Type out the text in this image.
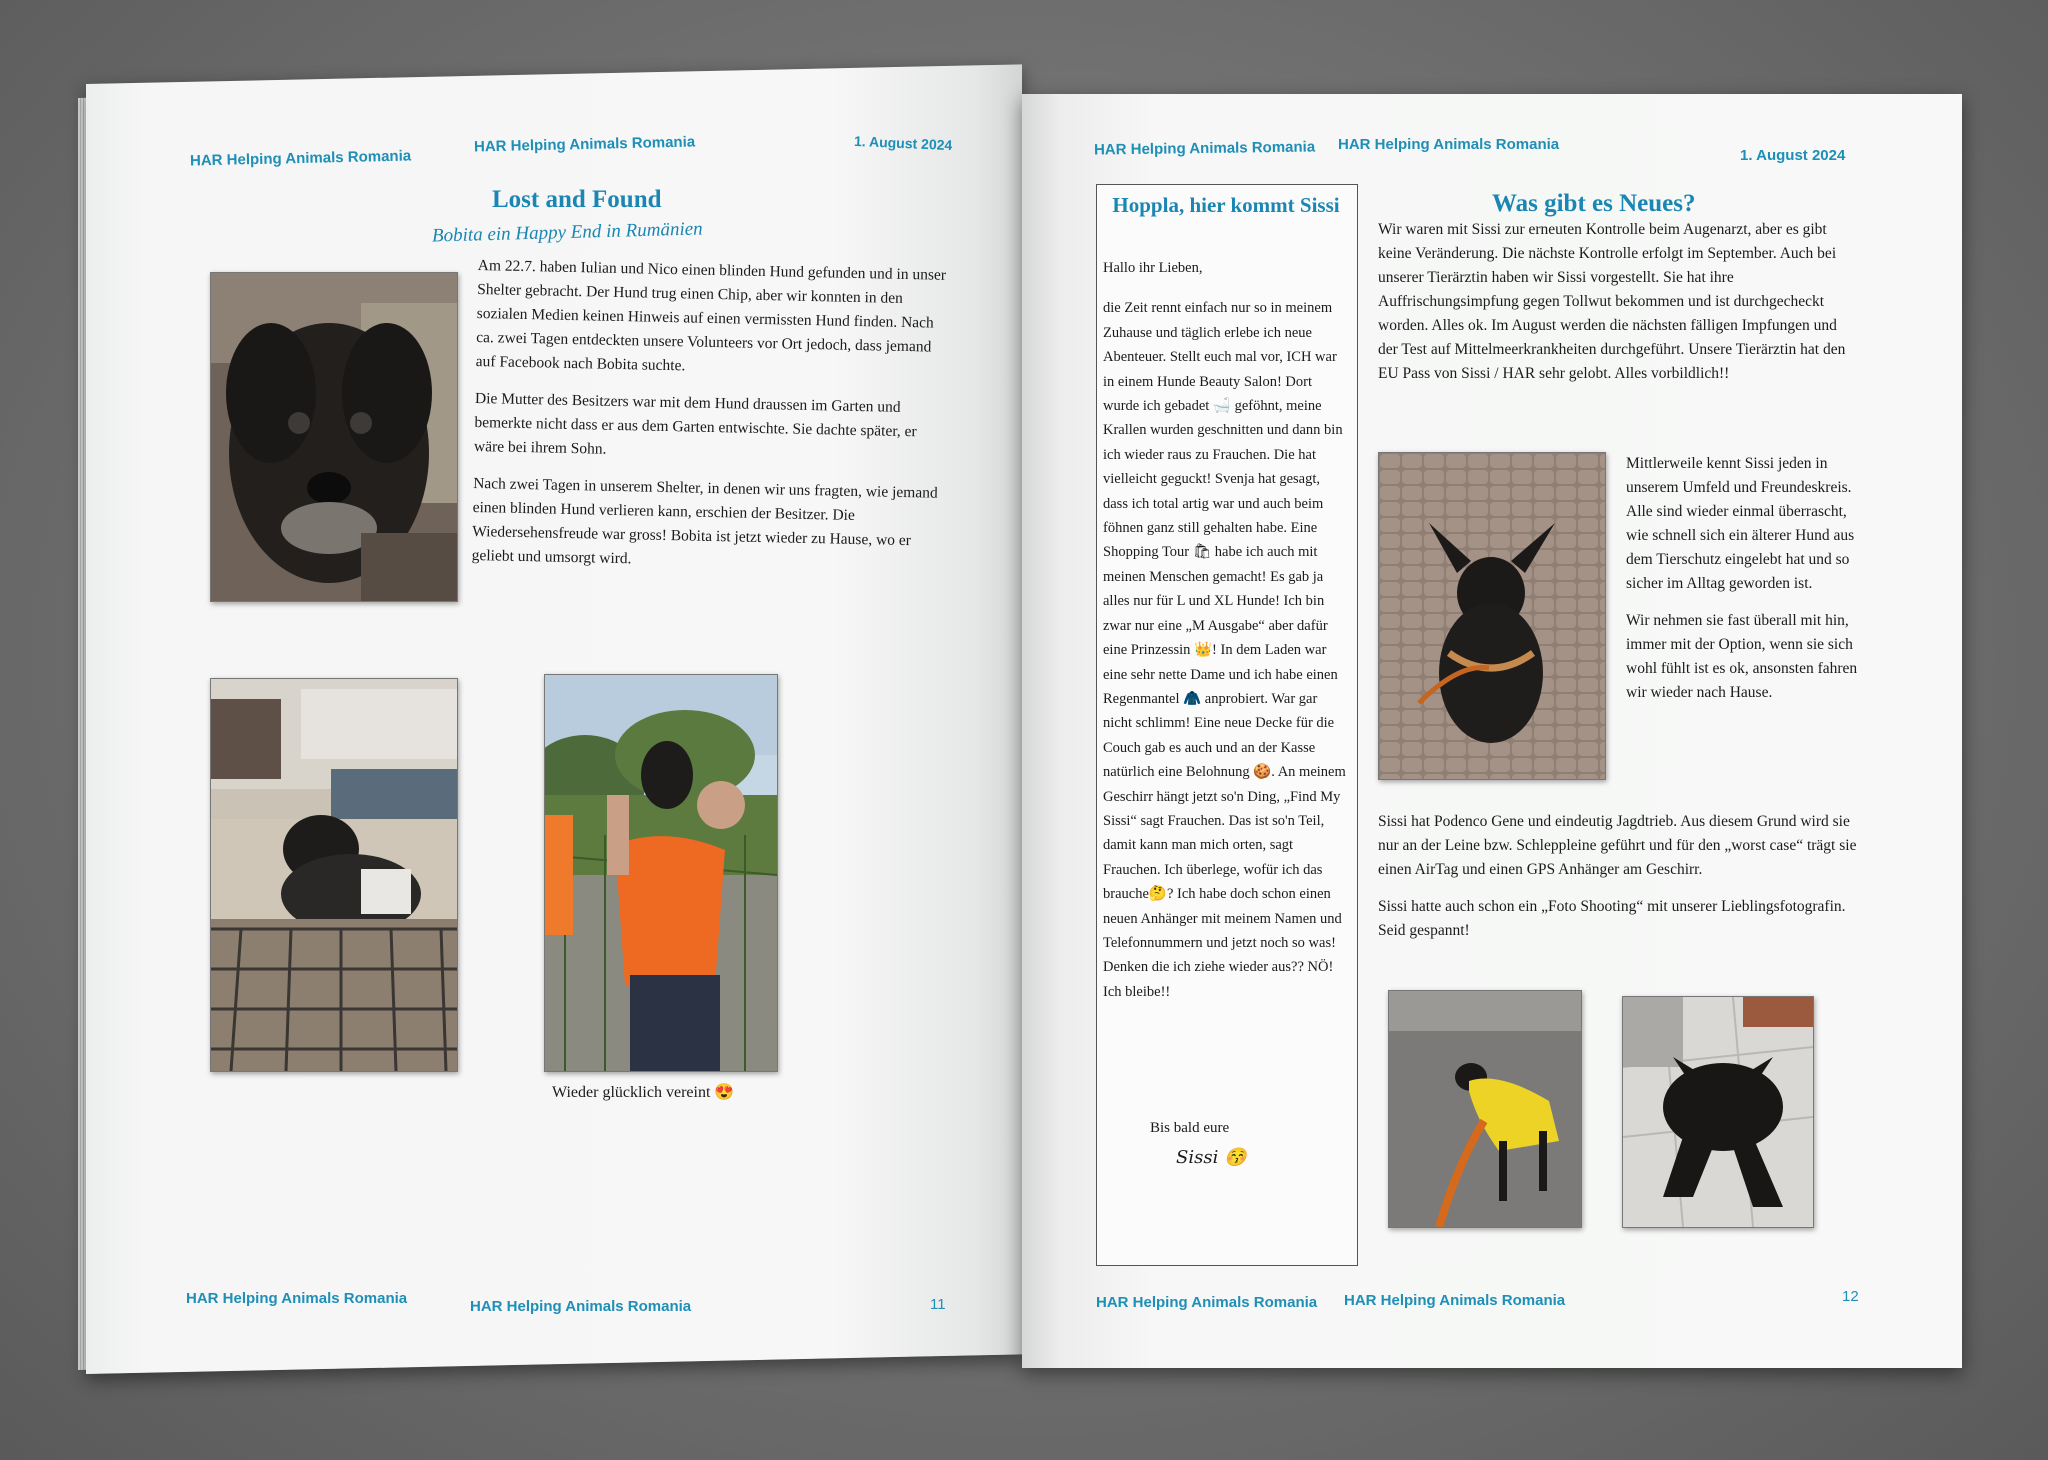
HAR Helping Animals Romania
HAR Helping Animals Romania	1. August 2024
Lost and Found
Bobita ein Happy End in Rumänien

Am 22.7. haben Iulian und Nico einen blinden Hund gefunden und in unser Shelter gebracht. Der Hund trug einen Chip, aber wir konnten in den sozialen Medien keinen Hinweis auf einen vermissten Hund finden. Nach ca. zwei Tagen entdeckten unsere Volunteers vor Ort jedoch, dass jemand auf Facebook nach Bobita suchte.

Die Mutter des Besitzers war mit dem Hund draussen im Garten und bemerkte nicht dass er aus dem Garten entwischte. Sie dachte später, er wäre bei ihrem Sohn.

Nach zwei Tagen in unserem Shelter, in denen wir uns fragten, wie jemand einen blinden Hund verlieren kann, erschien der Besitzer. Die Wiedersehensfreude war gross! Bobita ist jetzt wieder zu Hause, wo er geliebt und umsorgt wird.

Wieder glücklich vereint 😍
HAR Helping Animals Romania	HAR Helping Animals Romania	11
HAR Helping Animals Romania HAR Helping Animals Romania
1. August 2024
Hoppla, hier kommt Sissi

Hallo ihr Lieben,

die Zeit rennt einfach nur so in meinem Zuhause und täglich erlebe ich neue Abenteuer. Stellt euch mal vor, ICH war in einem Hunde Beauty Salon! Dort wurde ich gebadet 🛁 geföhnt, meine Krallen wurden geschnitten und dann bin ich wieder raus zu Frauchen. Die hat vielleicht geguckt! Svenja hat gesagt, dass ich total artig war und auch beim föhnen ganz still gehalten habe. Eine Shopping Tour 🛍 habe ich auch mit meinen Menschen gemacht! Es gab ja alles nur für L und XL Hunde! Ich bin zwar nur eine „M Ausgabe“ aber dafür eine Prinzessin 👑! In dem Laden war eine sehr nette Dame und ich habe einen Regenmantel 🧥 anprobiert. War gar nicht schlimm! Eine neue Decke für die Couch gab es auch und an der Kasse natürlich eine Belohnung 🍪. An meinem Geschirr hängt jetzt so'n Ding, „Find My Sissi“ sagt Frauchen. Das ist so'n Teil, damit kann man mich orten, sagt Frauchen. Ich überlege, wofür ich das brauche🤔? Ich habe doch schon einen neuen Anhänger mit meinem Namen und Telefonnummern und jetzt noch so was! Denken die ich ziehe wieder aus?? NÖ! Ich bleibe!!

Bis bald eure
Sissi 😚
Was gibt es Neues?
Wir waren mit Sissi zur erneuten Kontrolle beim Augenarzt, aber es gibt keine Veränderung. Die nächste Kontrolle erfolgt im September. Auch bei unserer Tierärztin haben wir Sissi vorgestellt. Sie hat ihre Auffrischungsimpfung gegen Tollwut bekommen und ist durchgecheckt worden. Alles ok. Im August werden die nächsten fälligen Impfungen und der Test auf Mittelmeerkrankheiten durchgeführt. Unsere Tierärztin hat den EU Pass von Sissi / HAR sehr gelobt. Alles vorbildlich!!

Mittlerweile kennt Sissi jeden in unserem Umfeld und Freundeskreis. Alle sind wieder einmal überrascht, wie schnell sich ein älterer Hund aus dem Tierschutz eingelebt hat und so sicher im Alltag geworden ist.

Wir nehmen sie fast überall mit hin, immer mit der Option, wenn sie sich wohl fühlt ist es ok, ansonsten fahren wir wieder nach Hause.

Sissi hat Podenco Gene und eindeutig Jagdtrieb. Aus diesem Grund wird sie nur an der Leine bzw. Schleppleine geführt und für den „worst case“ trägt sie einen AirTag und einen GPS Anhänger am Geschirr.

Sissi hatte auch schon ein „Foto Shooting“ mit unserer Lieblingsfotografin. Seid gespannt!

HAR Helping Animals Romania HAR Helping Animals Romania	12
